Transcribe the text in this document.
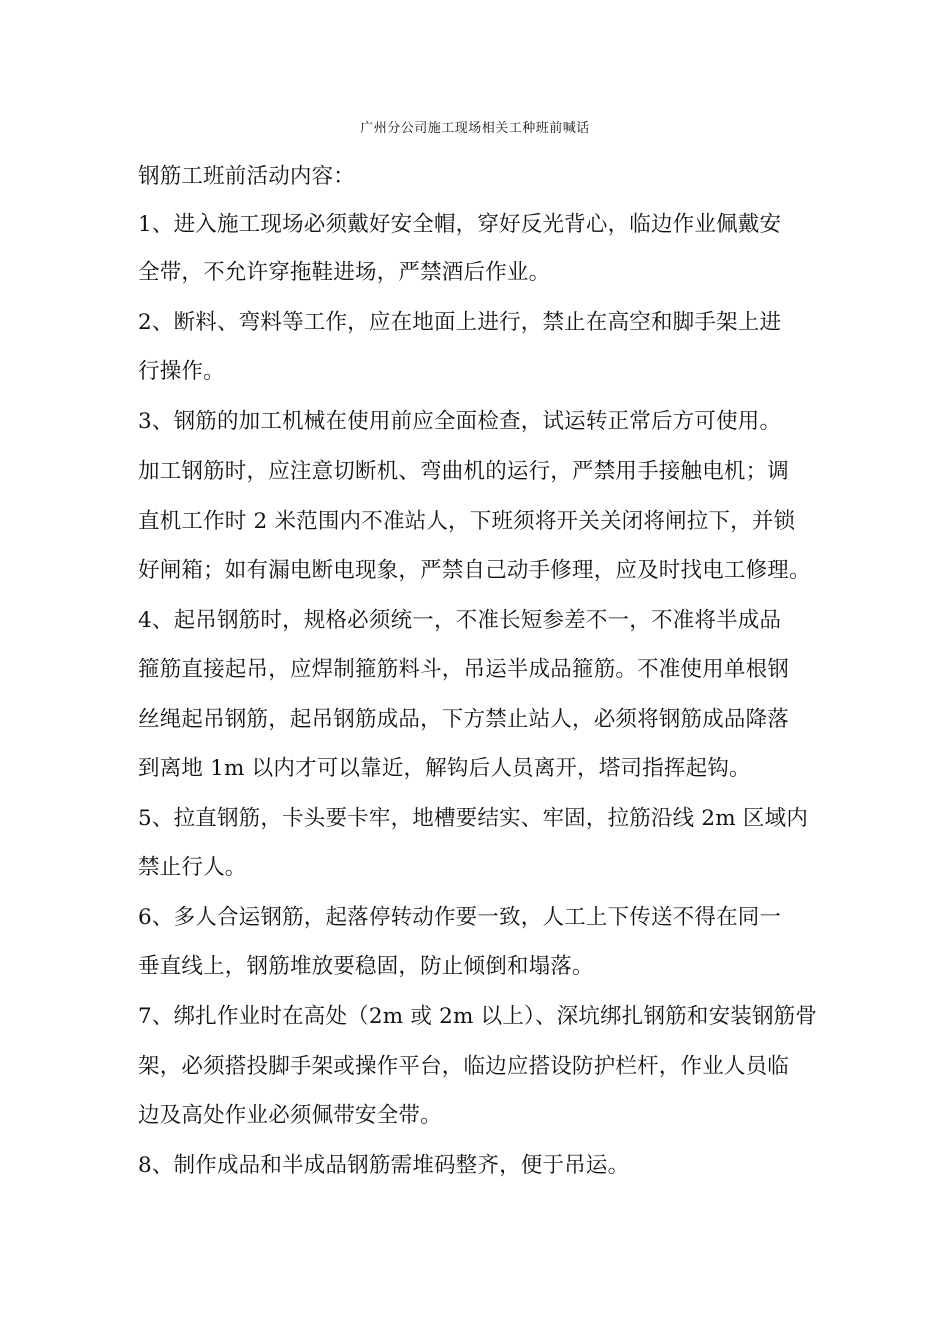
广州分公司施工现场相关工种班前喊话
钢筋工班前活动内容：
1、进入施工现场必须戴好安全帽，穿好反光背心，临边作业佩戴安
全带，不允许穿拖鞋进场，严禁酒后作业。
2、断料、弯料等工作，应在地面上进行，禁止在高空和脚手架上进
行操作。
3、钢筋的加工机械在使用前应全面检查，试运转正常后方可使用。
加工钢筋时，应注意切断机、弯曲机的运行，严禁用手接触电机；调
直机工作时 2 米范围内不准站人，下班须将开关关闭将闸拉下，并锁
好闸箱；如有漏电断电现象，严禁自己动手修理，应及时找电工修理。
4、起吊钢筋时，规格必须统一，不准长短参差不一，不准将半成品
箍筋直接起吊，应焊制箍筋料斗，吊运半成品箍筋。不准使用单根钢
丝绳起吊钢筋，起吊钢筋成品，下方禁止站人，必须将钢筋成品降落
到离地 1m 以内才可以靠近，解钩后人员离开，塔司指挥起钩。
5、拉直钢筋，卡头要卡牢，地槽要结实、牢固，拉筋沿线 2m 区域内
禁止行人。
6、多人合运钢筋，起落停转动作要一致，人工上下传送不得在同一
垂直线上，钢筋堆放要稳固，防止倾倒和塌落。
7、绑扎作业时在高处（2m 或 2m 以上）、深坑绑扎钢筋和安装钢筋骨
架，必须搭投脚手架或操作平台，临边应搭设防护栏杆，作业人员临
边及高处作业必须佩带安全带。
8、制作成品和半成品钢筋需堆码整齐，便于吊运。
